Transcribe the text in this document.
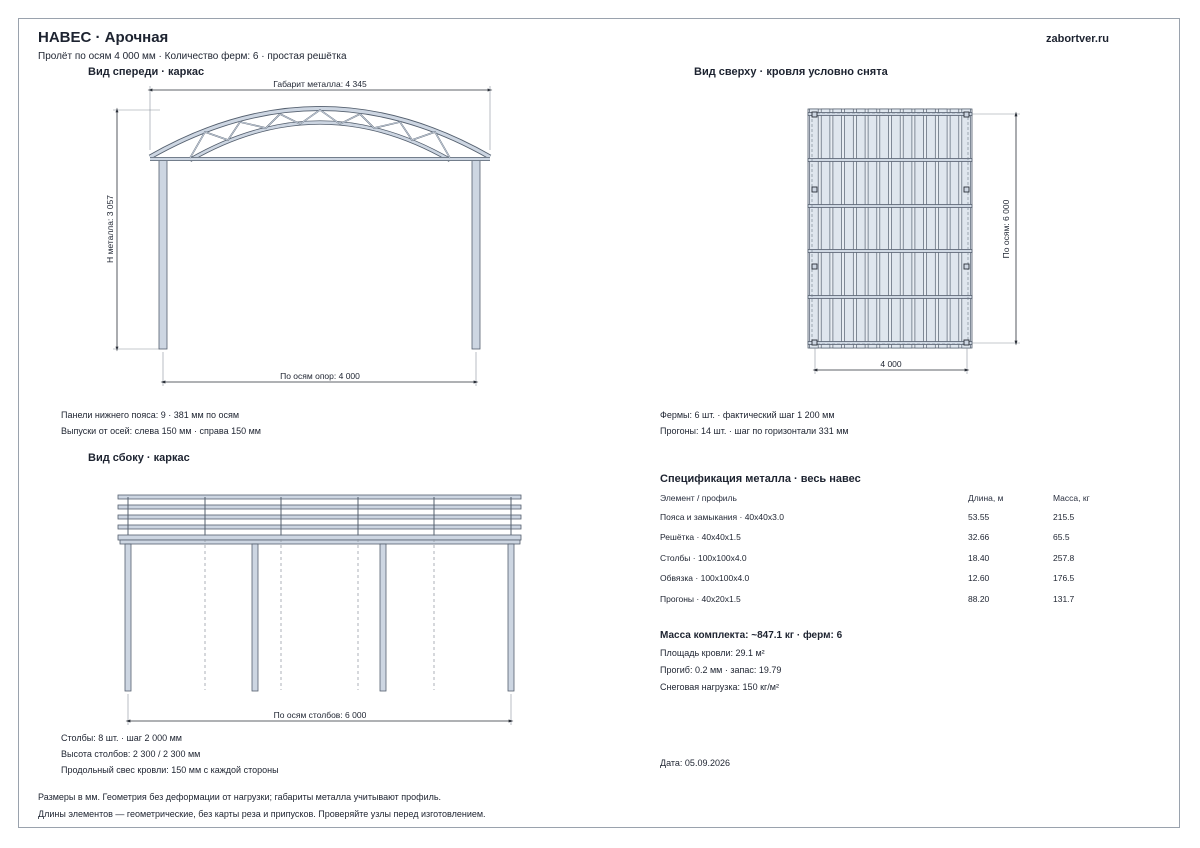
НАВЕС · Арочная
Пролёт по осям 4 000 мм · Количество ферм: 6 · простая решётка
zabortver.ru
Вид спереди · каркас
Габарит металла: 4 345
H металла: 3 057
По осям опор: 4 000
По осям: 6 000
4 000
По осям столбов: 6 000
Панели нижнего пояса: 9 · 381 мм по осям
Выпуски от осей: слева 150 мм · справа 150 мм
Вид сверху · кровля условно снята
Фермы: 6 шт. · фактический шаг 1 200 мм
Прогоны: 14 шт. · шаг по горизонтали 331 мм
Вид сбоку · каркас
Столбы: 8 шт. · шаг 2 000 мм
Высота столбов: 2 300 / 2 300 мм
Продольный свес кровли: 150 мм с каждой стороны
Спецификация металла · весь навес
Элемент / профиль	Длина, м	Масса, кг
Пояса и замыкания · 40x40x3.0	53.55	215.5
Решётка · 40x40x1.5	32.66	65.5
Столбы · 100x100x4.0	18.40	257.8
Обвязка · 100x100x4.0	12.60	176.5
Прогоны · 40x20x1.5	88.20	131.7
Масса комплекта: ~847.1 кг · ферм: 6
Площадь кровли: 29.1 м²
Прогиб: 0.2 мм · запас: 19.79
Снеговая нагрузка: 150 кг/м²
Дата: 05.09.2026
Размеры в мм. Геометрия без деформации от нагрузки; габариты металла учитывают профиль.
Длины элементов — геометрические, без карты реза и припусков. Проверяйте узлы перед изготовлением.
